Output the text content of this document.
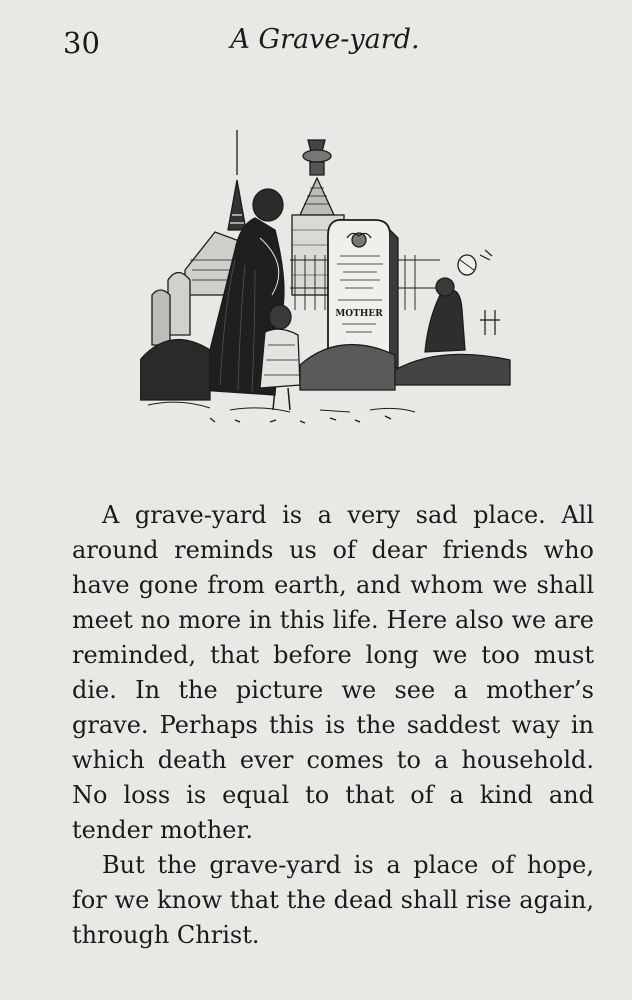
30	A Grave-yard.
MOTHER

A grave-yard is a very sad place. All around reminds us of dear friends who have gone from earth, and whom we shall meet no more in this life. Here also we are reminded, that before long we too must die. In the picture we see a mother’s grave. Perhaps this is the saddest way in which death ever comes to a household. No loss is equal to that of a kind and tender mother.

But the grave-yard is a place of hope, for we know that the dead shall rise again, through Christ.
